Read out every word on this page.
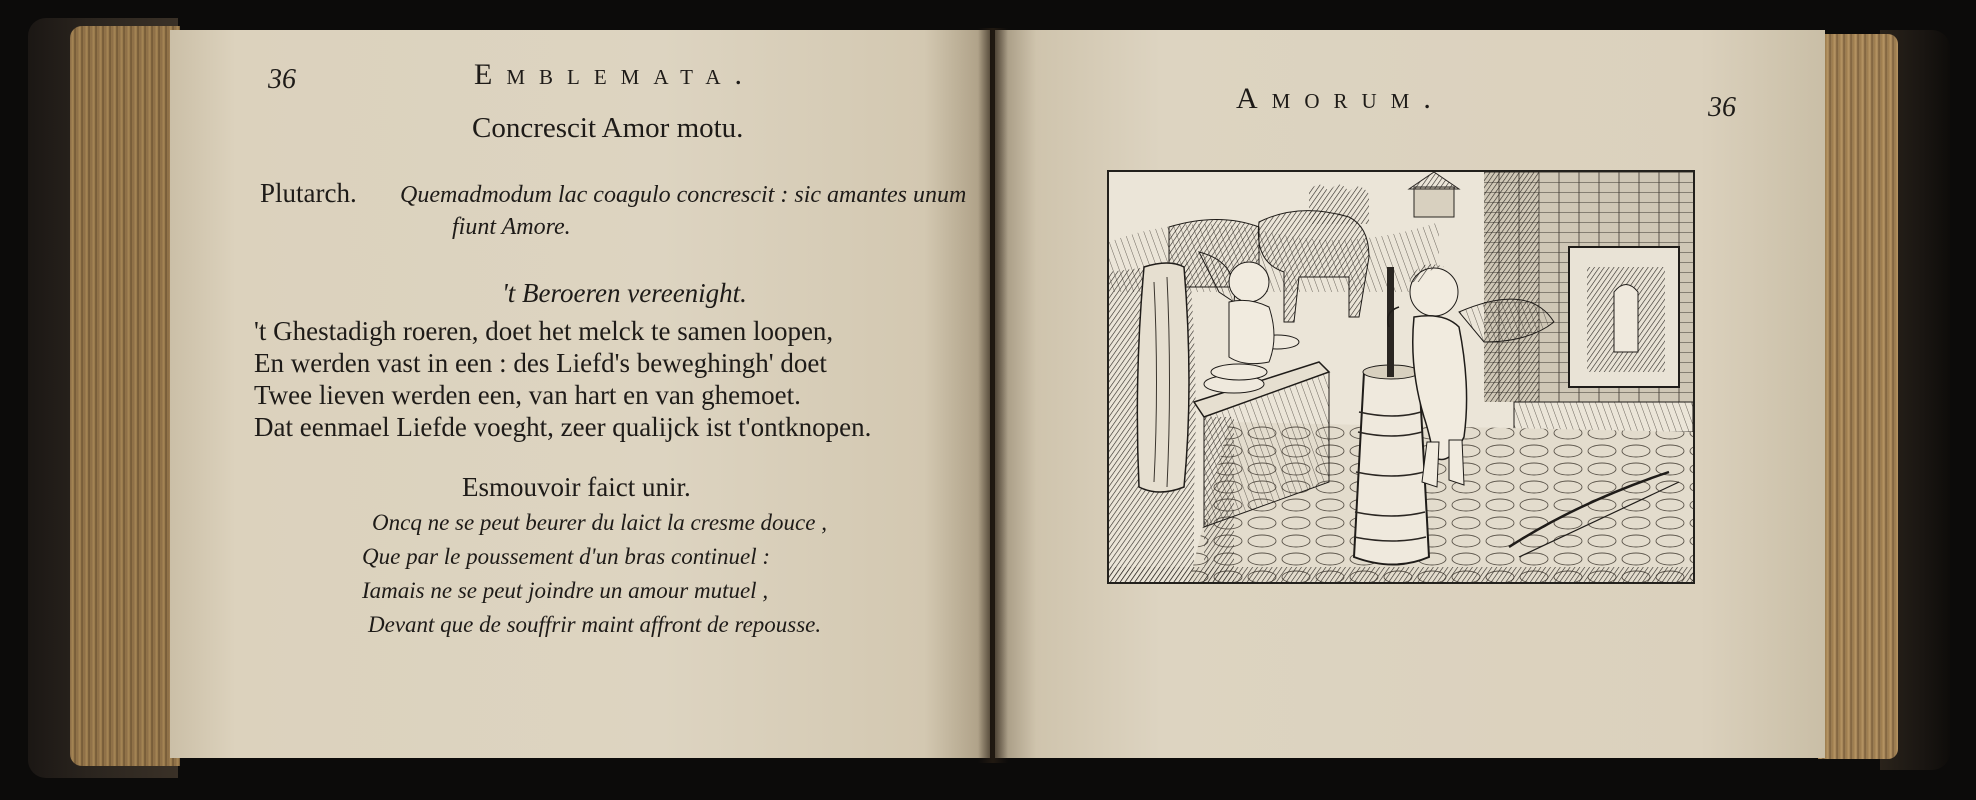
36	Emblemata.
Concrescit Amor motu.
Plutarch. Quemadmodum lac coagulo concrescit : sic amantes unum
fiunt Amore.
't Beroeren vereenight.
't Ghestadigh roeren, doet het melck te samen loopen,
En werden vast in een : des Liefd's beweghingh' doet
Twee lieven werden een, van hart en van ghemoet.
Dat eenmael Liefde voeght, zeer qualijck ist t'ontknopen.
Esmouvoir faict unir.
Oncq ne se peut beurer du laict la cresme douce ,
Que par le poussement d'un bras continuel :
Iamais ne se peut joindre un amour mutuel ,
Devant que de souffrir maint affront de repousse.
Amorum.	36
